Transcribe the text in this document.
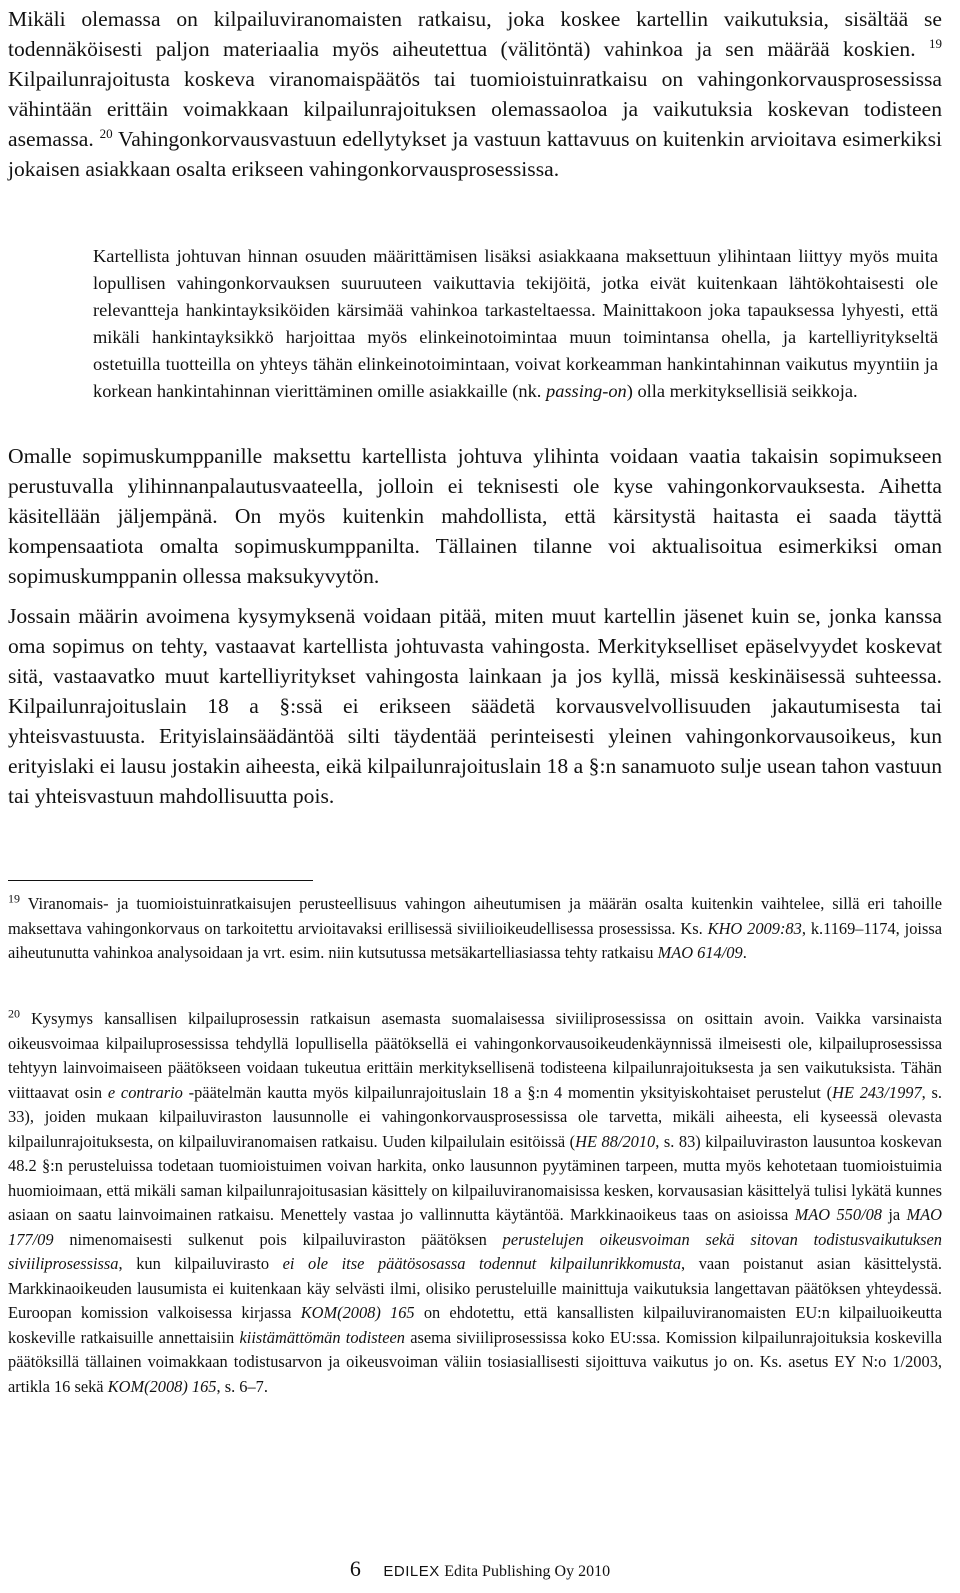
Mikäli olemassa on kilpailuviranomaisten ratkaisu, joka koskee kartellin vaikutuksia, sisältää se todennäköisesti paljon materiaalia myös aiheutettua (välitöntä) vahinkoa ja sen määrää koskien. $^{19}$ Kilpailunrajoitusta koskeva viranomaispäätös tai tuomioistuinratkaisu on vahingonkorvausprosessissa vähintään erittäin voimakkaan kilpailunrajoituksen olemassaoloa ja vaikutuksia koskevan todisteen asemassa. $^{20}$ Vahingonkorvausvastuun edellytykset ja vastuun kattavuus on kuitenkin arvioitava esimerkiksi jokaisen asiakkaan osalta erikseen vahingonkorvausprosessissa.

Kartellista johtuvan hinnan osuuden määrittämisen lisäksi asiakkaana maksettuun ylihintaan liittyy myös muita lopullisen vahingonkorvauksen suuruuteen vaikuttavia tekijöitä, jotka eivät kuitenkaan lähtökohtaisesti ole relevantteja hankintayksiköiden kärsimää vahinkoa tarkasteltaessa. Mainittakoon joka tapauksessa lyhyesti, että mikäli hankintayksikkö harjoittaa myös elinkeinotoimintaa muun toimintansa ohella, ja kartelliyritykseltä ostetuilla tuotteilla on yhteys tähän elinkeinotoimintaan, voivat korkeamman hankintahinnan vaikutus myyntiin ja korkean hankintahinnan vierittäminen omille asiakkaille (nk. passing-on) olla merkityksellisiä seikkoja.

Omalle sopimuskumppanille maksettu kartellista johtuva ylihinta voidaan vaatia takaisin sopimukseen perustuvalla ylihinnanpalautusvaateella, jolloin ei teknisesti ole kyse vahingonkorvauksesta. Aihetta käsitellään jäljempänä. On myös kuitenkin mahdollista, että kärsitystä haitasta ei saada täyttä kompensaatiota omalta sopimuskumppanilta. Tällainen tilanne voi aktualisoitua esimerkiksi oman sopimuskumppanin ollessa maksukyvytön.

Jossain määrin avoimena kysymyksenä voidaan pitää, miten muut kartellin jäsenet kuin se, jonka kanssa oma sopimus on tehty, vastaavat kartellista johtuvasta vahingosta. Merkitykselliset epäselvyydet koskevat sitä, vastaavatko muut kartelliyritykset vahingosta lainkaan ja jos kyllä, missä keskinäisessä suhteessa. Kilpailunrajoituslain 18 a §:ssä ei erikseen säädetä korvausvelvollisuuden jakautumisesta tai yhteisvastuusta. Erityislainsäädäntöä silti täydentää perinteisesti yleinen vahingonkorvausoikeus, kun erityislaki ei lausu jostakin aiheesta, eikä kilpailunrajoituslain 18 a §:n sanamuoto sulje usean tahon vastuun tai yhteisvastuun mahdollisuutta pois.

$^{19}$ Viranomais- ja tuomioistuinratkaisujen perusteellisuus vahingon aiheutumisen ja määrän osalta kuitenkin vaihtelee, sillä eri tahoille maksettava vahingonkorvaus on tarkoitettu arvioitavaksi erillisessä siviilioikeudellisessa prosessissa. Ks. KHO 2009:83, k.1169–1174, joissa aiheutunutta vahinkoa analysoidaan ja vrt. esim. niin kutsutussa metsäkartelliasiassa tehty ratkaisu MAO 614/09.

$^{20}$ Kysymys kansallisen kilpailuprosessin ratkaisun asemasta suomalaisessa siviiliprosessissa on osittain avoin. Vaikka varsinaista oikeusvoimaa kilpailuprosessissa tehdyllä lopullisella päätöksellä ei vahingonkorvausoikeudenkäynnissä ilmeisesti ole, kilpailuprosessissa tehtyyn lainvoimaiseen päätökseen voidaan tukeutua erittäin merkityksellisenä todisteena kilpailunrajoituksesta ja sen vaikutuksista. Tähän viittaavat osin e contrario -päätelmän kautta myös kilpailunrajoituslain 18 a §:n 4 momentin yksityiskohtaiset perustelut (HE 243/1997, s. 33), joiden mukaan kilpailuviraston lausunnolle ei vahingonkorvausprosessissa ole tarvetta, mikäli aiheesta, eli kyseessä olevasta kilpailunrajoituksesta, on kilpailuviranomaisen ratkaisu. Uuden kilpailulain esitöissä (HE 88/2010, s. 83) kilpailuviraston lausuntoa koskevan 48.2 §:n perusteluissa todetaan tuomioistuimen voivan harkita, onko lausunnon pyytäminen tarpeen, mutta myös kehotetaan tuomioistuimia huomioimaan, että mikäli saman kilpailunrajoitusasian käsittely on kilpailuviranomaisissa kesken, korvausasian käsittelyä tulisi lykätä kunnes asiaan on saatu lainvoimainen ratkaisu. Menettely vastaa jo vallinnutta käytäntöä. Markkinaoikeus taas on asioissa MAO 550/08 ja MAO 177/09 nimenomaisesti sulkenut pois kilpailuviraston päätöksen perustelujen oikeusvoiman sekä sitovan todistusvaikutuksen siviiliprosessissa, kun kilpailuvirasto ei ole itse päätösosassa todennut kilpailunrikkomusta, vaan poistanut asian käsittelystä. Markkinaoikeuden lausumista ei kuitenkaan käy selvästi ilmi, olisiko perusteluille mainittuja vaikutuksia langettavan päätöksen yhteydessä. Euroopan komission valkoisessa kirjassa KOM(2008) 165 on ehdotettu, että kansallisten kilpailuviranomaisten EU:n kilpailuoikeutta koskeville ratkaisuille annettaisiin kiistämättömän todisteen asema siviiliprosessissa koko EU:ssa. Komission kilpailunrajoituksia koskevilla päätöksillä tällainen voimakkaan todistusarvon ja oikeusvoiman väliin tosiasiallisesti sijoittuva vaikutus jo on. Ks. asetus EY N:o 1/2003, artikla 16 sekä KOM(2008) 165, s. 6–7.

6 EDILEX Edita Publishing Oy 2010
